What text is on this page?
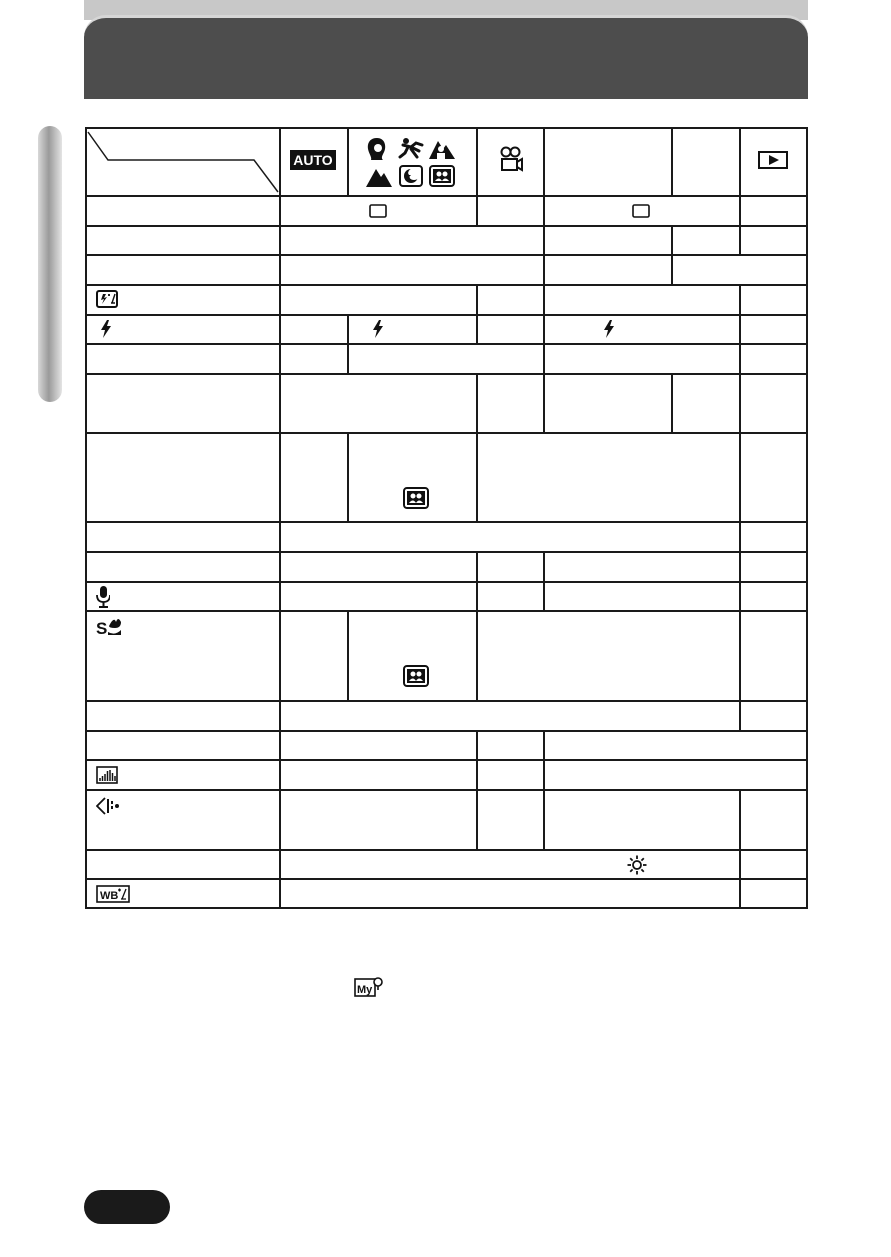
AUTO
S
WB
My
